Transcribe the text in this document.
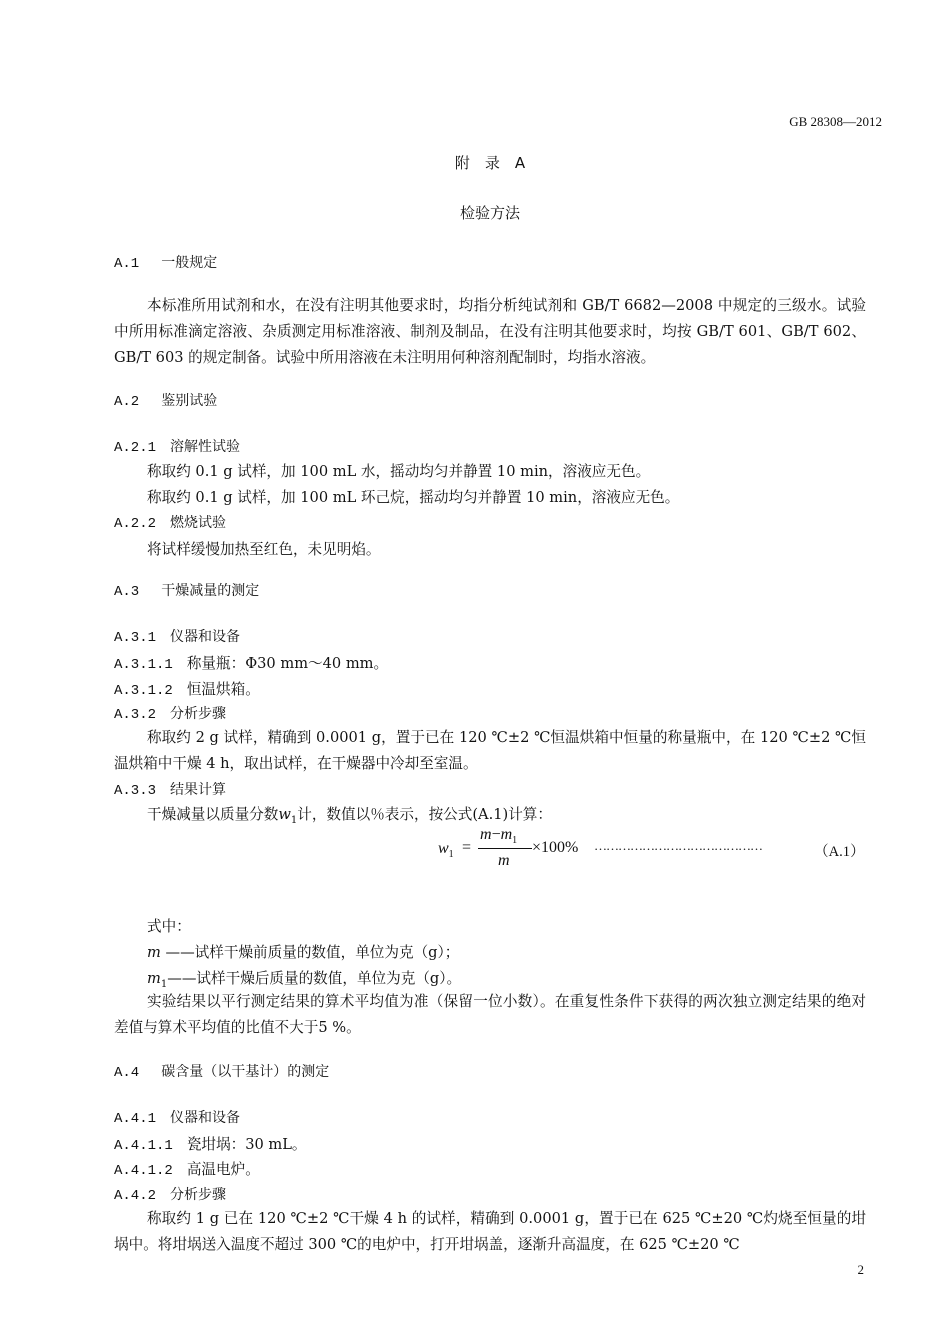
GB 28308—2012
附　录　A
检验方法
A.1 一般规定
本标准所用试剂和水，在没有注明其他要求时，均指分析纯试剂和 GB/T 6682—2008 中规定的三级水。试验中所用标准滴定溶液、杂质测定用标准溶液、制剂及制品，在没有注明其他要求时，均按 GB/T 601、GB/T 602、GB/T 603 的规定制备。试验中所用溶液在未注明用何种溶剂配制时，均指水溶液。
A.2 鉴别试验
A.2.1 溶解性试验
称取约 0.1 g 试样，加 100 mL 水，摇动均匀并静置 10 min，溶液应无色。
称取约 0.1 g 试样，加 100 mL 环己烷，摇动均匀并静置 10 min，溶液应无色。
A.2.2 燃烧试验
将试样缓慢加热至红色，未见明焰。
A.3 干燥减量的测定
A.3.1 仪器和设备
A.3.1.1 称量瓶：Φ30 mm～40 mm。
A.3.1.2 恒温烘箱。
A.3.2 分析步骤
称取约 2 g 试样，精确到 0.0001 g，置于已在 120 ℃±2 ℃恒温烘箱中恒量的称量瓶中，在 120 ℃±2 ℃恒温烘箱中干燥 4 h，取出试样，在干燥器中冷却至室温。
A.3.3 结果计算
干燥减量以质量分数$w_1$计，数值以％表示，按公式(A.1)计算：
$w_1$ =
$m-m_1$
m
×100% ……………………………………	（A.1）
式中：
m ——试样干燥前质量的数值，单位为克（g）；
$m_1——$试样干燥后质量的数值，单位为克（g）。
实验结果以平行测定结果的算术平均值为准（保留一位小数）。在重复性条件下获得的两次独立测定结果的绝对差值与算术平均值的比值不大于5 %。
A.4 碳含量（以干基计）的测定
A.4.1 仪器和设备
A.4.1.1 瓷坩埚：30 mL。
A.4.1.2 高温电炉。
A.4.2 分析步骤
称取约 1 g 已在 120 ℃±2 ℃干燥 4 h 的试样，精确到 0.0001 g，置于已在 625 ℃±20 ℃灼烧至恒量的坩埚中。将坩埚送入温度不超过 300 ℃的电炉中，打开坩埚盖，逐渐升高温度，在 625 ℃±20 ℃
2
